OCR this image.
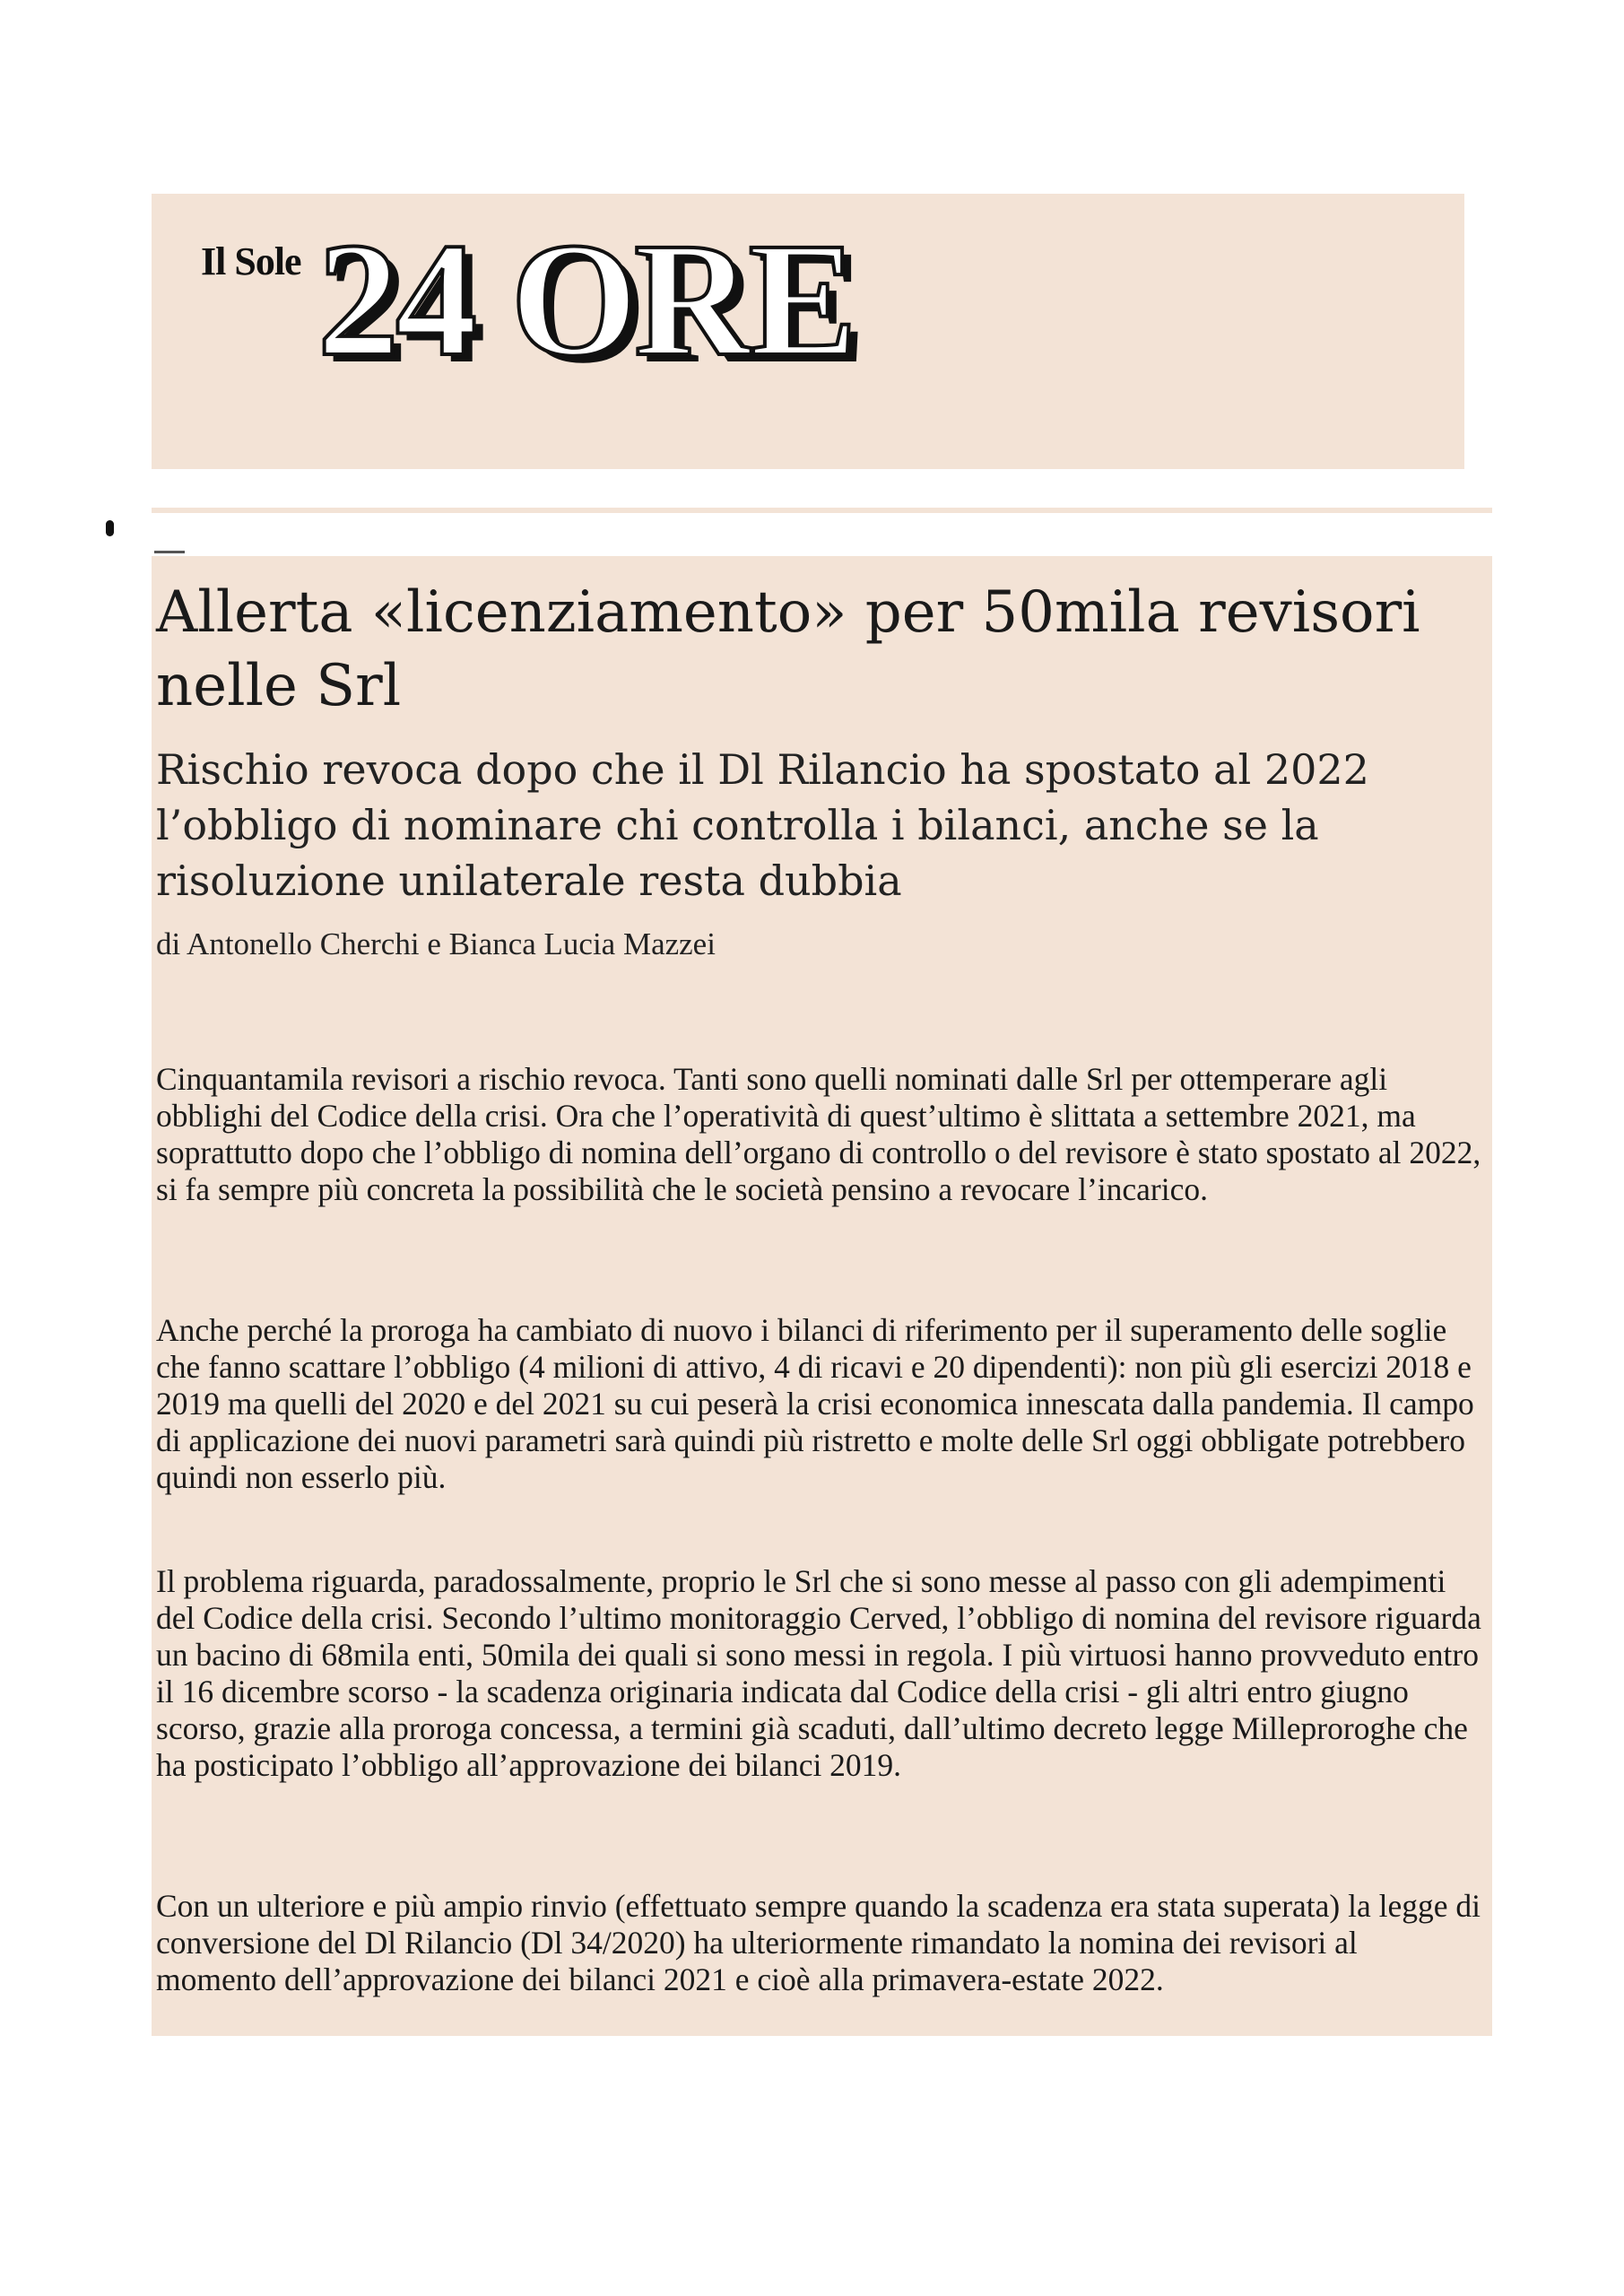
Il Sole 24 ORE
Allerta «licenziamento» per 50mila revisori nelle Srl
Rischio revoca dopo che il Dl Rilancio ha spostato al 2022 l’obbligo di nominare chi controlla i bilanci, anche se la risoluzione unilaterale resta dubbia

di Antonello Cherchi e Bianca Lucia Mazzei

Cinquantamila revisori a rischio revoca. Tanti sono quelli nominati dalle Srl per ottemperare agli obblighi del Codice della crisi. Ora che l’operatività di quest’ultimo è slittata a settembre 2021, ma soprattutto dopo che l’obbligo di nomina dell’organo di controllo o del revisore è stato spostato al 2022, si fa sempre più concreta la possibilità che le società pensino a revocare l’incarico.

Anche perché la proroga ha cambiato di nuovo i bilanci di riferimento per il superamento delle soglie che fanno scattare l’obbligo (4 milioni di attivo, 4 di ricavi e 20 dipendenti): non più gli esercizi 2018 e 2019 ma quelli del 2020 e del 2021 su cui peserà la crisi economica innescata dalla pandemia. Il campo di applicazione dei nuovi parametri sarà quindi più ristretto e molte delle Srl oggi obbligate potrebbero quindi non esserlo più.

Il problema riguarda, paradossalmente, proprio le Srl che si sono messe al passo con gli adempimenti del Codice della crisi. Secondo l’ultimo monitoraggio Cerved, l’obbligo di nomina del revisore riguarda un bacino di 68mila enti, 50mila dei quali si sono messi in regola. I più virtuosi hanno provveduto entro il 16 dicembre scorso - la scadenza originaria indicata dal Codice della crisi - gli altri entro giugno scorso, grazie alla proroga concessa, a termini già scaduti, dall’ultimo decreto legge Milleproroghe che ha posticipato l’obbligo all’approvazione dei bilanci 2019.

Con un ulteriore e più ampio rinvio (effettuato sempre quando la scadenza era stata superata) la legge di conversione del Dl Rilancio (Dl 34/2020) ha ulteriormente rimandato la nomina dei revisori al momento dell’approvazione dei bilanci 2021 e cioè alla primavera-estate 2022.
